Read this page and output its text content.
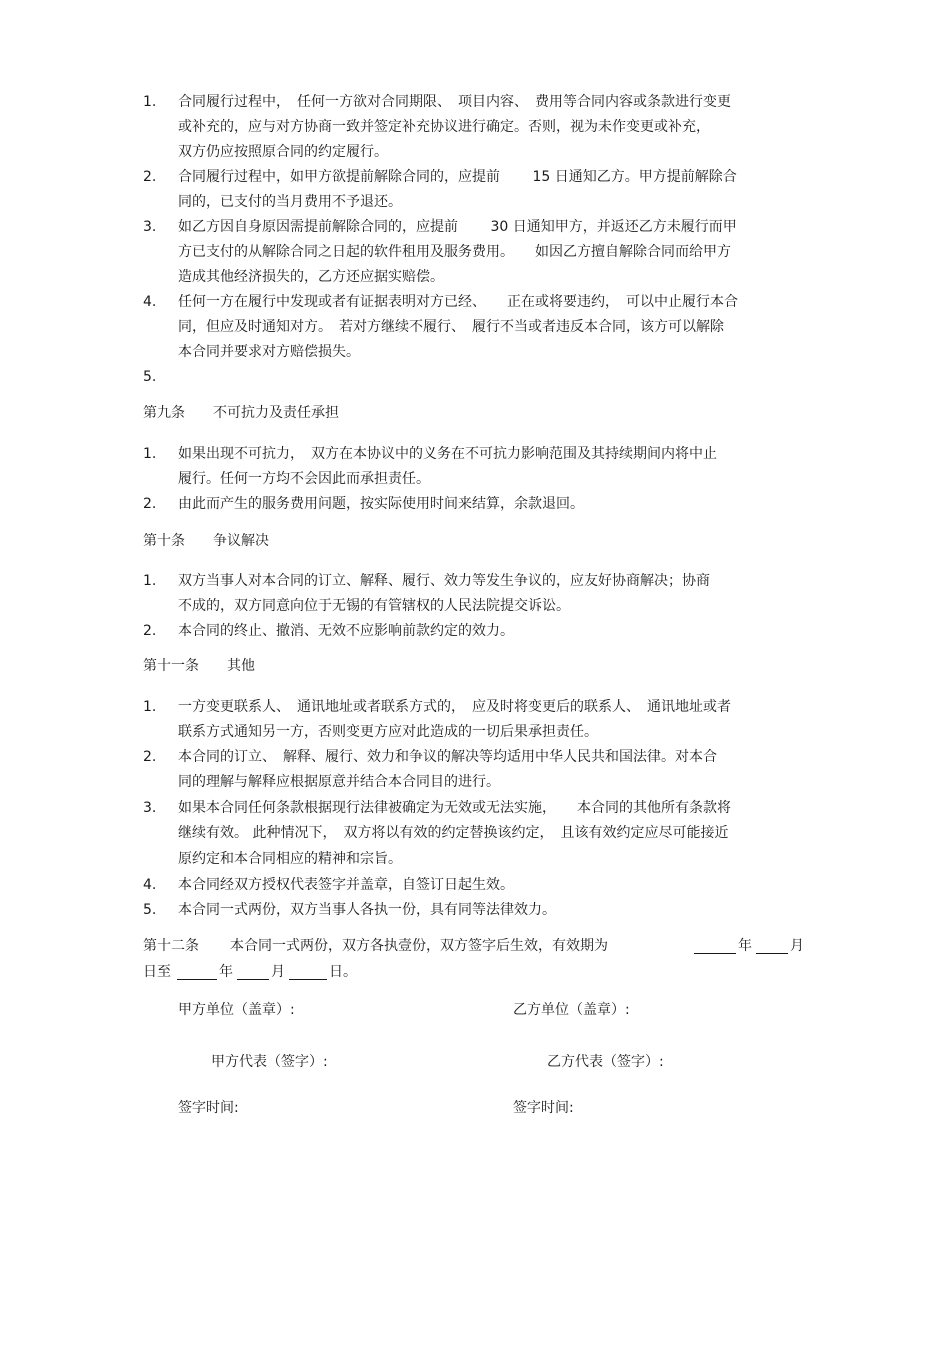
1. 合同履行过程中，　任何一方欲对合同期限、　项目内容、　费用等合同内容或条款进行变更
或补充的，应与对方协商一致并签定补充协议进行确定。否则，视为未作变更或补充，
双方仍应按照原合同的约定履行。
2. 合同履行过程中，如甲方欲提前解除合同的，应提前　　 15 日通知乙方。甲方提前解除合
同的，已支付的当月费用不予退还。
3. 如乙方因自身原因需提前解除合同的，应提前　　 30 日通知甲方，并返还乙方未履行而甲
方已支付的从解除合同之日起的软件租用及服务费用。　　如因乙方擅自解除合同而给甲方
造成其他经济损失的，乙方还应据实赔偿。
4. 任何一方在履行中发现或者有证据表明对方已经、　　正在或将要违约，　可以中止履行本合
同，但应及时通知对方。　若对方继续不履行、　履行不当或者违反本合同，该方可以解除
本合同并要求对方赔偿损失。
5.
第九条　　不可抗力及责任承担
1. 如果出现不可抗力，　双方在本协议中的义务在不可抗力影响范围及其持续期间内将中止
履行。任何一方均不会因此而承担责任。
2. 由此而产生的服务费用问题，按实际使用时间来结算，余款退回。
第十条　　争议解决
1. 双方当事人对本合同的订立、解释、履行、效力等发生争议的，应友好协商解决；协商
不成的，双方同意向位于无锡的有管辖权的人民法院提交诉讼。
2. 本合同的终止、撤消、无效不应影响前款约定的效力。
第十一条　　其他
1. 一方变更联系人、　通讯地址或者联系方式的，　应及时将变更后的联系人、　通讯地址或者
联系方式通知另一方，否则变更方应对此造成的一切后果承担责任。
2. 本合同的订立、　解释、履行、效力和争议的解决等均适用中华人民共和国法律。对本合
同的理解与解释应根据原意并结合本合同目的进行。
3. 如果本合同任何条款根据现行法律被确定为无效或无法实施，　　本合同的其他所有条款将
继续有效。 此种情况下，　双方将以有效的约定替换该约定，　且该有效约定应尽可能接近
原约定和本合同相应的精神和宗旨。
4. 本合同经双方授权代表签字并盖章，自签订日起生效。
5. 本合同一式两份，双方当事人各执一份，具有同等法律效力。
第十二条 本合同一式两份，双方各执壹份，双方签字后生效，有效期为	年	月
日至	年	月	日。
甲方单位（盖章）:	乙方单位（盖章）:
甲方代表（签字）:	乙方代表（签字）:
签字时间:	签字时间:
